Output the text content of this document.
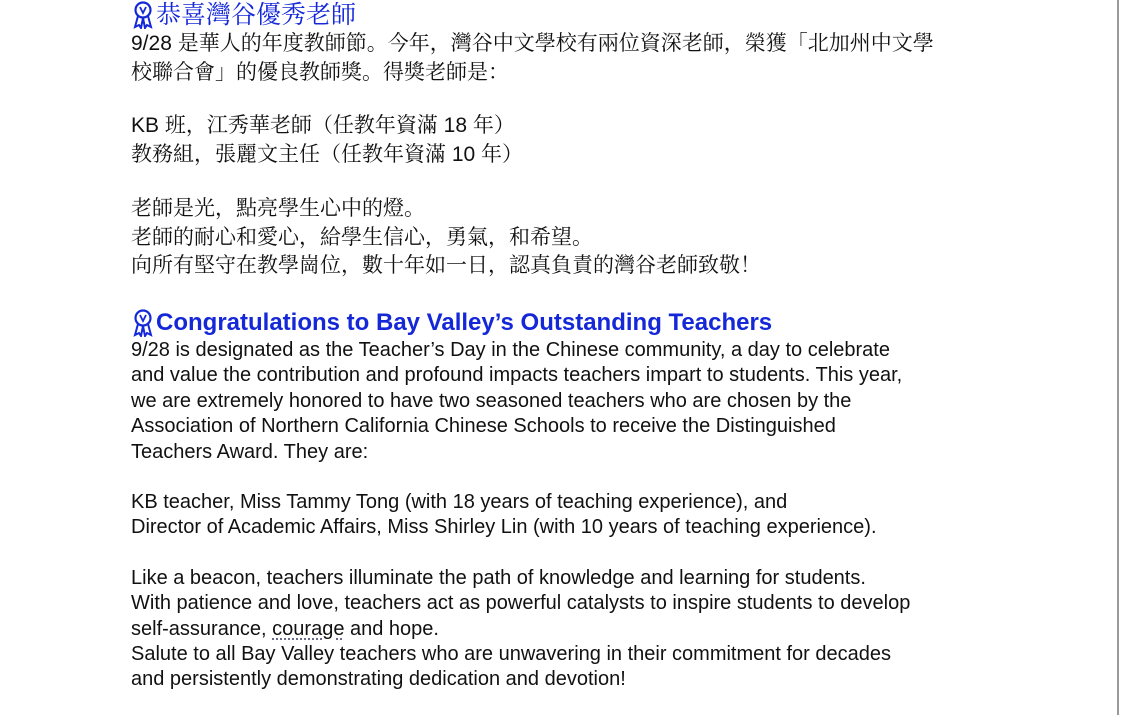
恭喜灣谷優秀老師
9/28 是華人的年度教師節。今年，灣谷中文學校有兩位資深老師，榮獲「北加州中文學
校聯合會」的優良教師獎。得獎老師是：
KB 班，江秀華老師（任教年資滿 18 年）
教務組，張麗文主任（任教年資滿 10 年）
老師是光，點亮學生心中的燈。
老師的耐心和愛心，給學生信心，勇氣，和希望。
向所有堅守在教學崗位，數十年如一日，認真負責的灣谷老師致敬！
Congratulations to Bay Valley’s Outstanding Teachers
9/28 is designated as the Teacher’s Day in the Chinese community, a day to celebrate
and value the contribution and profound impacts teachers impart to students. This year,
we are extremely honored to have two seasoned teachers who are chosen by the
Association of Northern California Chinese Schools to receive the Distinguished
Teachers Award. They are:
KB teacher, Miss Tammy Tong (with 18 years of teaching experience), and
Director of Academic Affairs, Miss Shirley Lin (with 10 years of teaching experience).
Like a beacon, teachers illuminate the path of knowledge and learning for students.
With patience and love, teachers act as powerful catalysts to inspire students to develop
self-assurance, courage and hope.
Salute to all Bay Valley teachers who are unwavering in their commitment for decades
and persistently demonstrating dedication and devotion!
